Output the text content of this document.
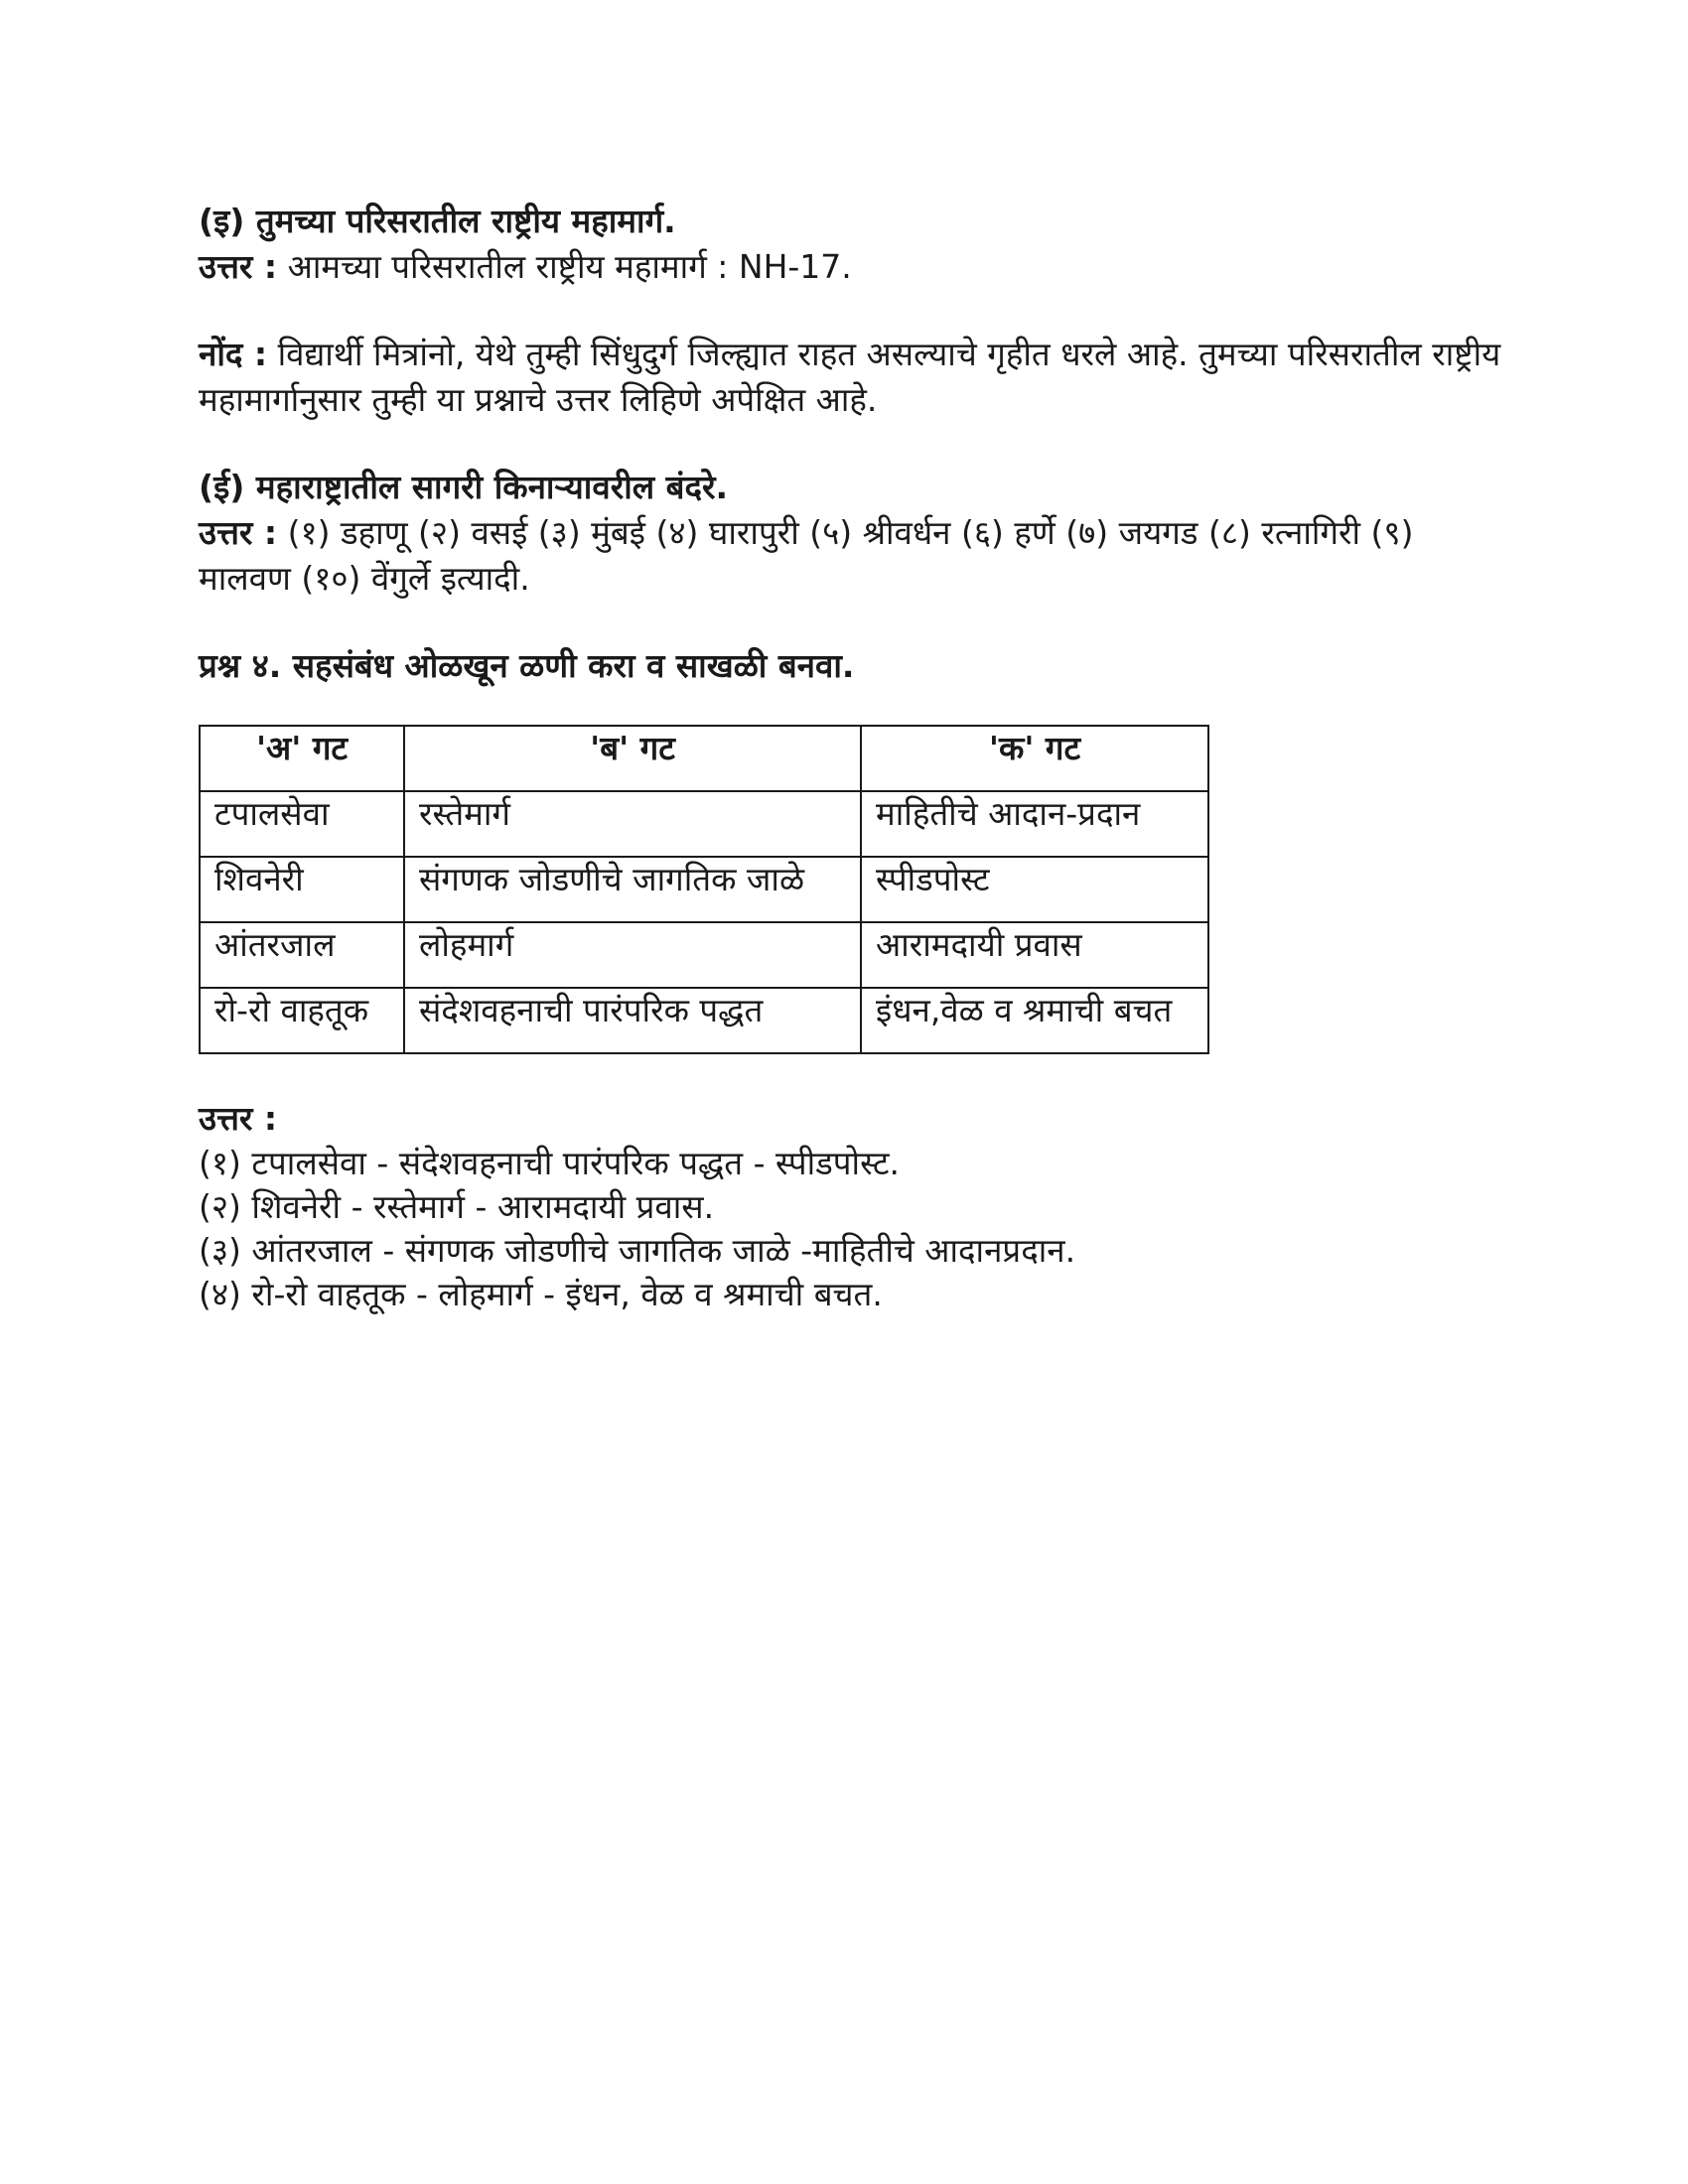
(इ) तुमच्या परिसरातील राष्ट्रीय महामार्ग.

उत्तर : आमच्या परिसरातील राष्ट्रीय महामार्ग : NH-17.

नोंद : विद्यार्थी मित्रांनो, येथे तुम्ही सिंधुदुर्ग जिल्ह्यात राहत असल्याचे गृहीत धरले आहे. तुमच्या परिसरातील राष्ट्रीय महामार्गानुसार तुम्ही या प्रश्नाचे उत्तर लिहिणे अपेक्षित आहे.

(ई) महाराष्ट्रातील सागरी किनाऱ्यावरील बंदरे.

उत्तर : (१) डहाणू (२) वसई (३) मुंबई (४) घारापुरी (५) श्रीवर्धन (६) हर्णे (७) जयगड (८) रत्नागिरी (९) मालवण (१०) वेंगुर्ले इत्यादी.

प्रश्न ४. सहसंबंध ओळखून ळणी करा व साखळी बनवा.

'अ' गट	'ब' गट	'क' गट
टपालसेवा	रस्तेमार्ग	माहितीचे आदान-प्रदान
शिवनेरी	संगणक जोडणीचे जागतिक जाळे	स्पीडपोस्ट
आंतरजाल	लोहमार्ग	आरामदायी प्रवास
रो-रो वाहतूक	संदेशवहनाची पारंपरिक पद्धत	इंधन,वेळ व श्रमाची बचत

उत्तर :

(१) टपालसेवा - संदेशवहनाची पारंपरिक पद्धत - स्पीडपोस्ट.

(२) शिवनेरी - रस्तेमार्ग - आरामदायी प्रवास.

(३) आंतरजाल - संगणक जोडणीचे जागतिक जाळे -माहितीचे आदानप्रदान.

(४) रो-रो वाहतूक - लोहमार्ग - इंधन, वेळ व श्रमाची बचत.
